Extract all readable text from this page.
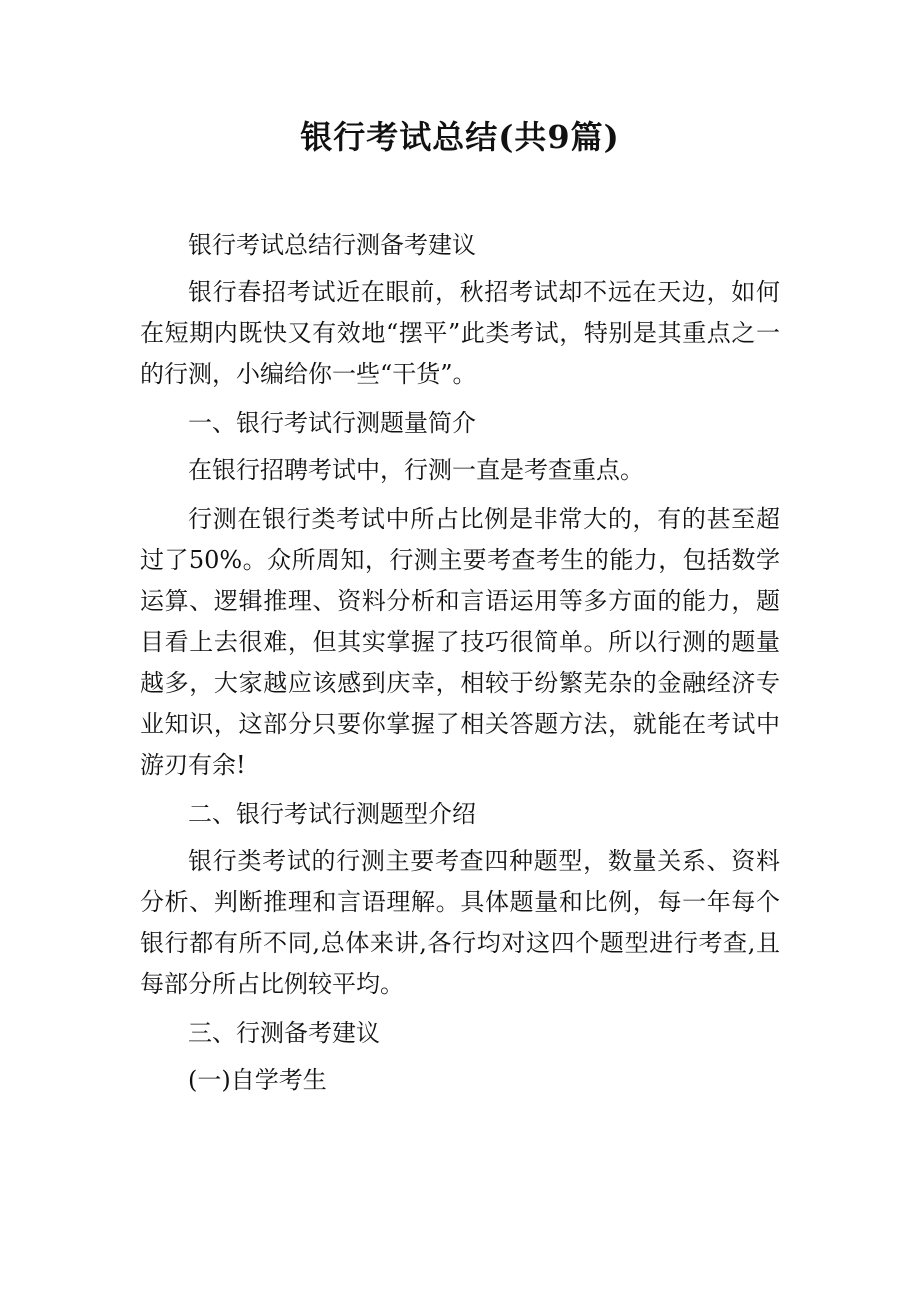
银行考试总结(共9篇)

银行考试总结行测备考建议

银行春招考试近在眼前，秋招考试却不远在天边，如何在短期内既快又有效地“摆平”此类考试，特别是其重点之一的行测，小编给你一些“干货”。

一、银行考试行测题量简介

在银行招聘考试中，行测一直是考查重点。

行测在银行类考试中所占比例是非常大的，有的甚至超过了50%。众所周知，行测主要考查考生的能力，包括数学运算、逻辑推理、资料分析和言语运用等多方面的能力，题目看上去很难，但其实掌握了技巧很简单。所以行测的题量越多，大家越应该感到庆幸，相较于纷繁芜杂的金融经济专业知识，这部分只要你掌握了相关答题方法，就能在考试中游刃有余!

二、银行考试行测题型介绍

银行类考试的行测主要考查四种题型，数量关系、资料分析、判断推理和言语理解。具体题量和比例，每一年每个银行都有所不同,总体来讲,各行均对这四个题型进行考查,且每部分所占比例较平均。

三、行测备考建议

(一)自学考生
